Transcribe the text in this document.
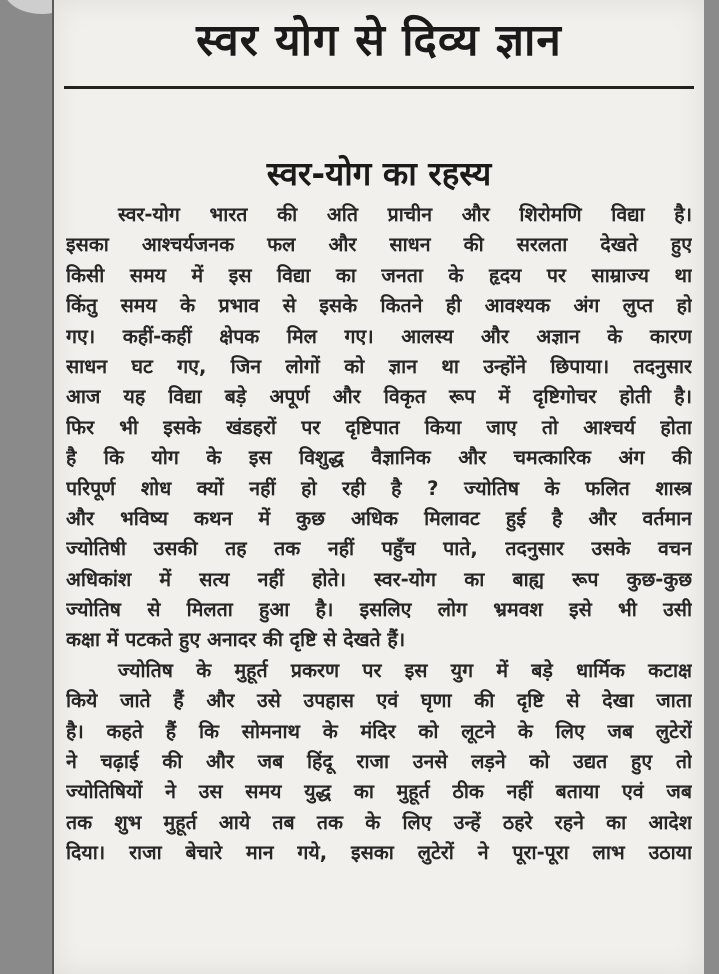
स्वर योग से दिव्य ज्ञान
स्वर-योग का रहस्य
स्वर-योग भारत की अति प्राचीन और शिरोमणि विद्या है।
इसका आश्चर्यजनक फल और साधन की सरलता देखते हुए
किसी समय में इस विद्या का जनता के हृदय पर साम्राज्य था
किंतु समय के प्रभाव से इसके कितने ही आवश्यक अंग लुप्त हो
गए। कहीं-कहीं क्षेपक मिल गए। आलस्य और अज्ञान के कारण
साधन घट गए, जिन लोगों को ज्ञान था उन्होंने छिपाया। तदनुसार
आज यह विद्या बड़े अपूर्ण और विकृत रूप में दृष्टिगोचर होती है।
फिर भी इसके खंडहरों पर दृष्टिपात किया जाए तो आश्चर्य होता
है कि योग के इस विशुद्ध वैज्ञानिक और चमत्कारिक अंग की
परिपूर्ण शोध क्यों नहीं हो रही है ? ज्योतिष के फलित शास्त्र
और भविष्य कथन में कुछ अधिक मिलावट हुई है और वर्तमान
ज्योतिषी उसकी तह तक नहीं पहुँच पाते, तदनुसार उसके वचन
अधिकांश में सत्य नहीं होते। स्वर-योग का बाह्य रूप कुछ-कुछ
ज्योतिष से मिलता हुआ है। इसलिए लोग भ्रमवश इसे भी उसी
कक्षा में पटकते हुए अनादर की दृष्टि से देखते हैं।
ज्योतिष के मुहूर्त प्रकरण पर इस युग में बड़े धार्मिक कटाक्ष
किये जाते हैं और उसे उपहास एवं घृणा की दृष्टि से देखा जाता
है। कहते हैं कि सोमनाथ के मंदिर को लूटने के लिए जब लुटेरों
ने चढ़ाई की और जब हिंदू राजा उनसे लड़ने को उद्यत हुए तो
ज्योतिषियों ने उस समय युद्ध का मुहूर्त ठीक नहीं बताया एवं जब
तक शुभ मुहूर्त आये तब तक के लिए उन्हें ठहरे रहने का आदेश
दिया। राजा बेचारे मान गये, इसका लुटेरों ने पूरा-पूरा लाभ उठाया
